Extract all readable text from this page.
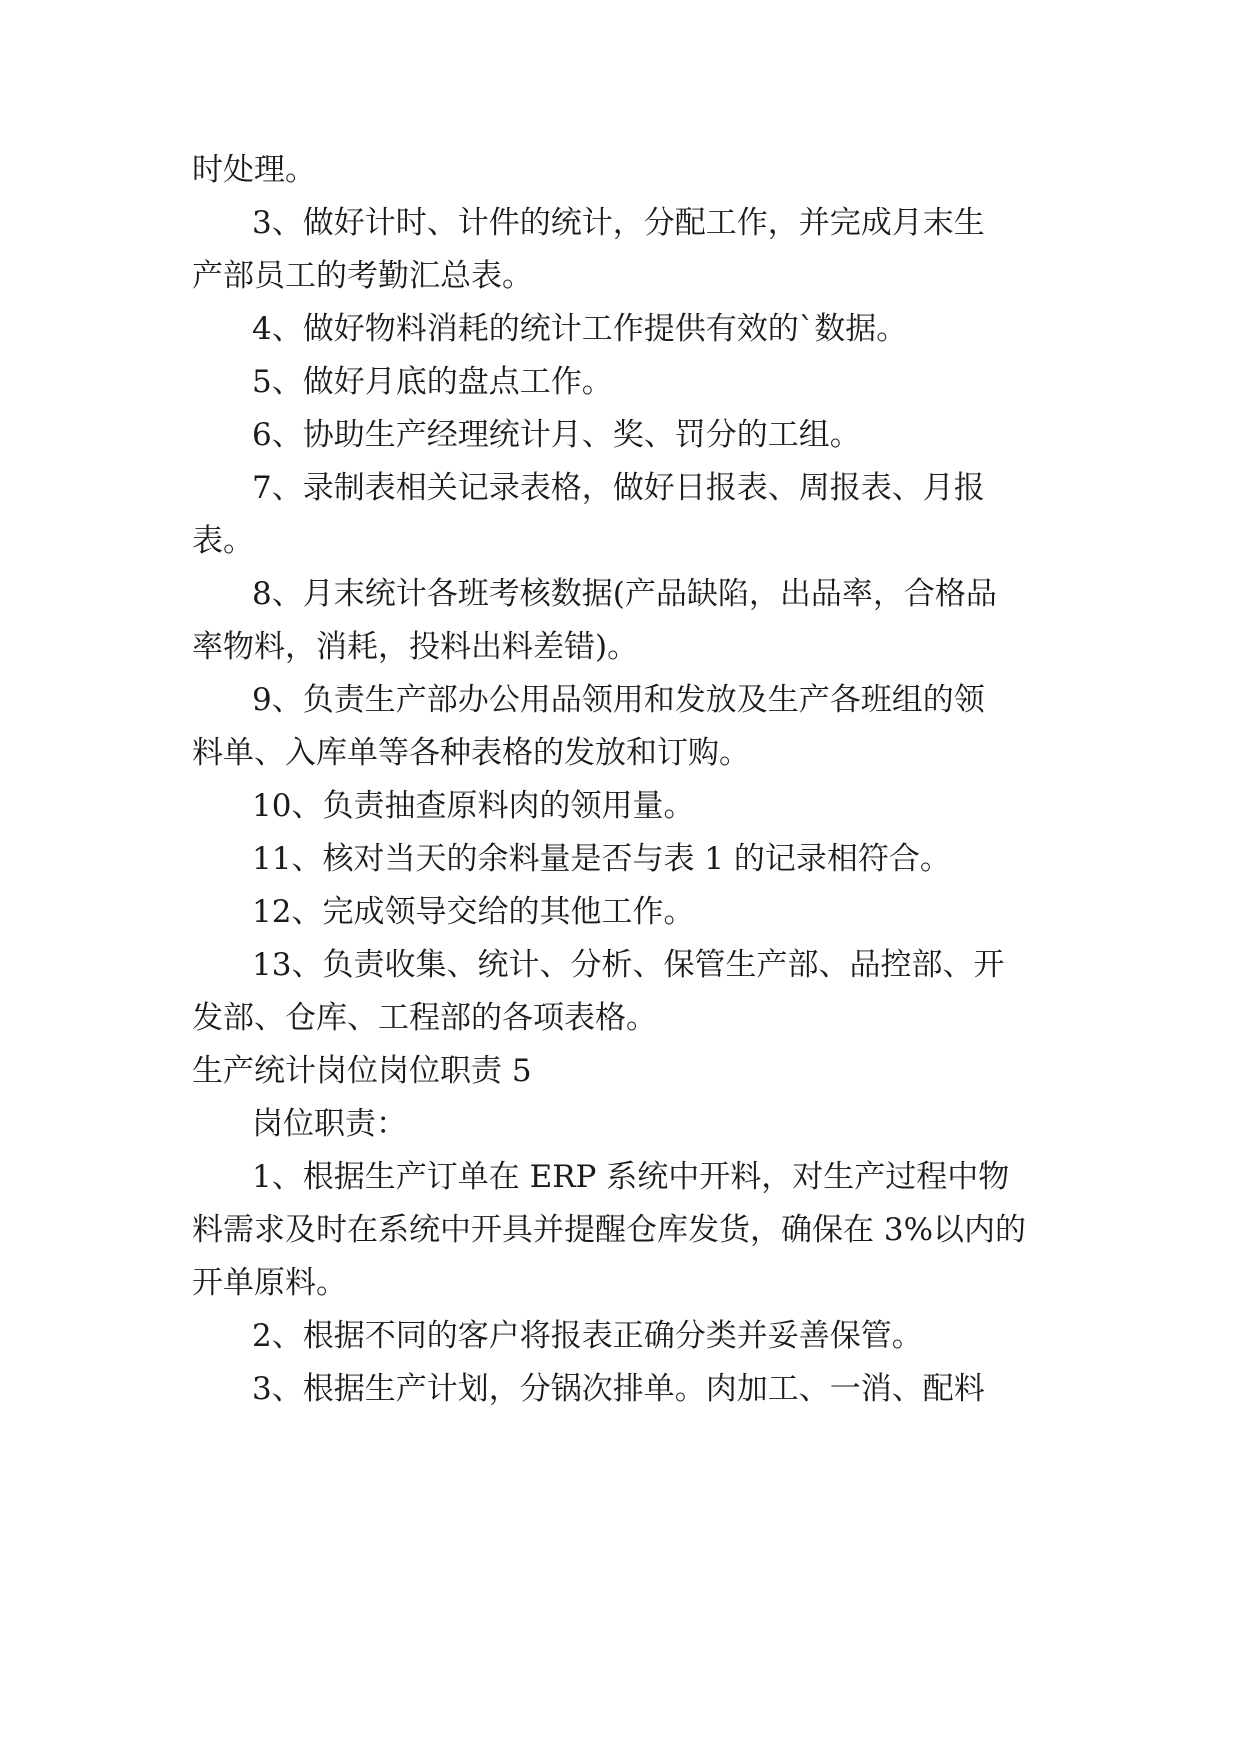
时处理。
3、做好计时、计件的统计，分配工作，并完成月末生
产部员工的考勤汇总表。
4、做好物料消耗的统计工作提供有效的`数据。
5、做好月底的盘点工作。
6、协助生产经理统计月、奖、罚分的工组。
7、录制表相关记录表格，做好日报表、周报表、月报
表。
8、月末统计各班考核数据(产品缺陷，出品率，合格品
率物料，消耗，投料出料差错)。
9、负责生产部办公用品领用和发放及生产各班组的领
料单、入库单等各种表格的发放和订购。
10、负责抽查原料肉的领用量。
11、核对当天的余料量是否与表 1 的记录相符合。
12、完成领导交给的其他工作。
13、负责收集、统计、分析、保管生产部、品控部、开
发部、仓库、工程部的各项表格。
生产统计岗位岗位职责 5
岗位职责：
1、根据生产订单在 ERP 系统中开料，对生产过程中物
料需求及时在系统中开具并提醒仓库发货，确保在 3%以内的
开单原料。
2、根据不同的客户将报表正确分类并妥善保管。
3、根据生产计划，分锅次排单。肉加工、一消、配料
